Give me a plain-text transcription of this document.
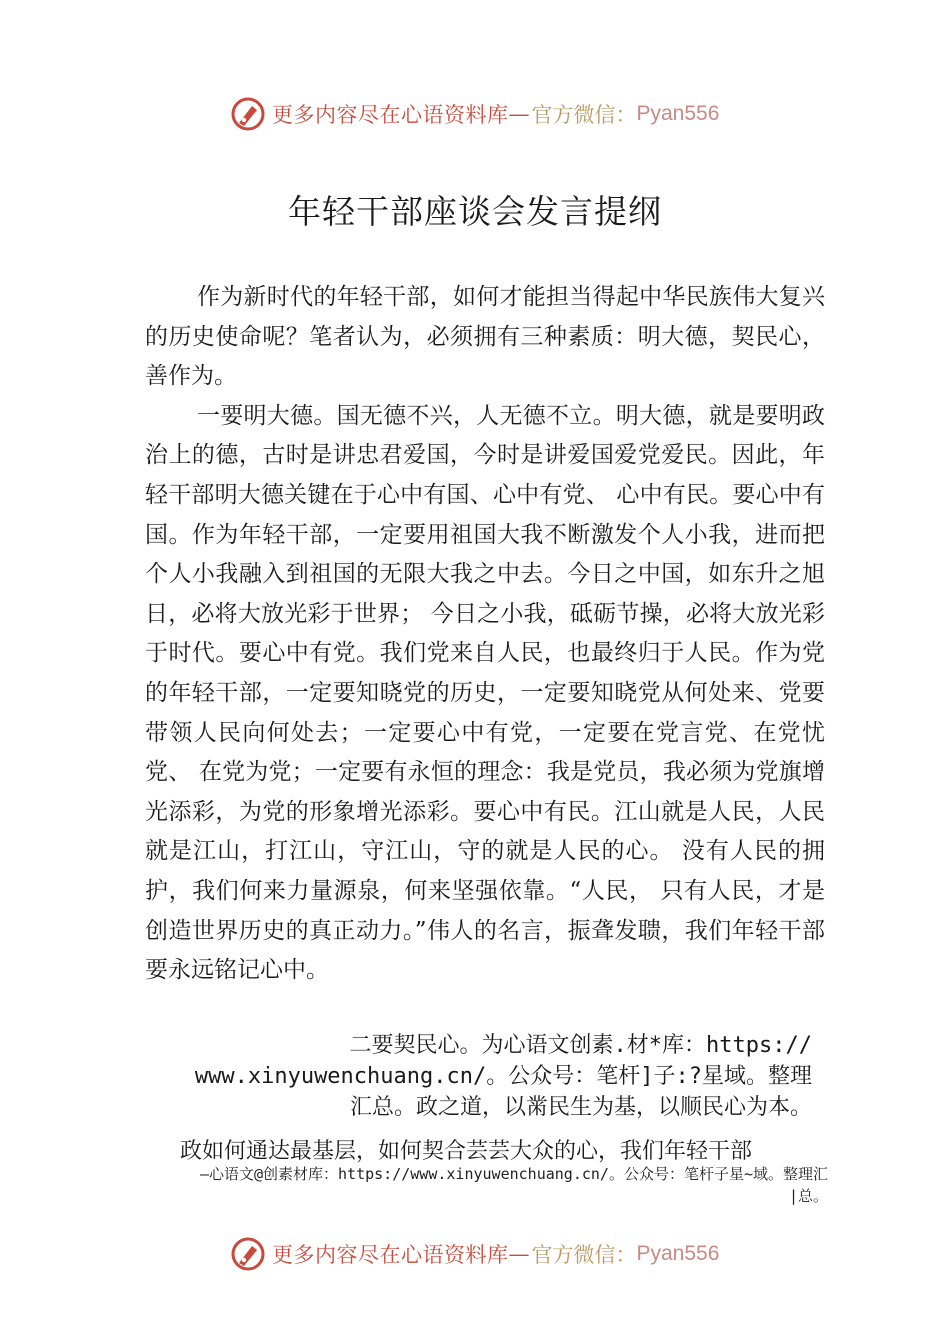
更多内容尽在心语资料库 — 官方微信： Pyan556
年轻干部座谈会发言提纲

作为新时代的年轻干部，如何才能担当得起中华民族伟大复兴的历史使命呢？笔者认为，必须拥有三种素质：明大德，契民心，善作为。

一要明大德。国无德不兴，人无德不立。明大德，就是要明政治上的德，古时是讲忠君爱国，今时是讲爱国爱党爱民。因此，年轻干部明大德关键在于心中有国、心中有党、 心中有民。要心中有国。作为年轻干部，一定要用祖国大我不断激发个人小我，进而把个人小我融入到祖国的无限大我之中去。今日之中国，如东升之旭日，必将大放光彩于世界； 今日之小我，砥砺节操，必将大放光彩于时代。要心中有党。我们党来自人民，也最终归于人民。作为党的年轻干部，一定要知晓党的历史，一定要知晓党从何处来、党要带领人民向何处去；一定要心中有党，一定要在党言党、在党忧党、 在党为党；一定要有永恒的理念：我是党员，我必须为党旗增光添彩，为党的形象增光添彩。要心中有民。江山就是人民，人民就是江山，打江山，守江山，守的就是人民的心。 没有人民的拥护，我们何来力量源泉，何来坚强依靠。“人民， 只有人民，才是创造世界历史的真正动力。”伟人的名言，振聋发聩，我们年轻干部要永远铭记心中。

二要契民心。为心语文创素.材*库：https://
www.xinyuwenchuang.cn/。公众号：笔杆]子:?星域。整理
汇总。政之道，以⿋民生为基，以顺民心为本。
政如何通达最基层，如何契合芸芸大众的心，我们年轻干部
—心语文@创素材库：https://www.xinyuwenchuang.cn/。公众号：笔杆子星~域。整理汇
|总。
更多内容尽在心语资料库 — 官方微信： Pyan556
